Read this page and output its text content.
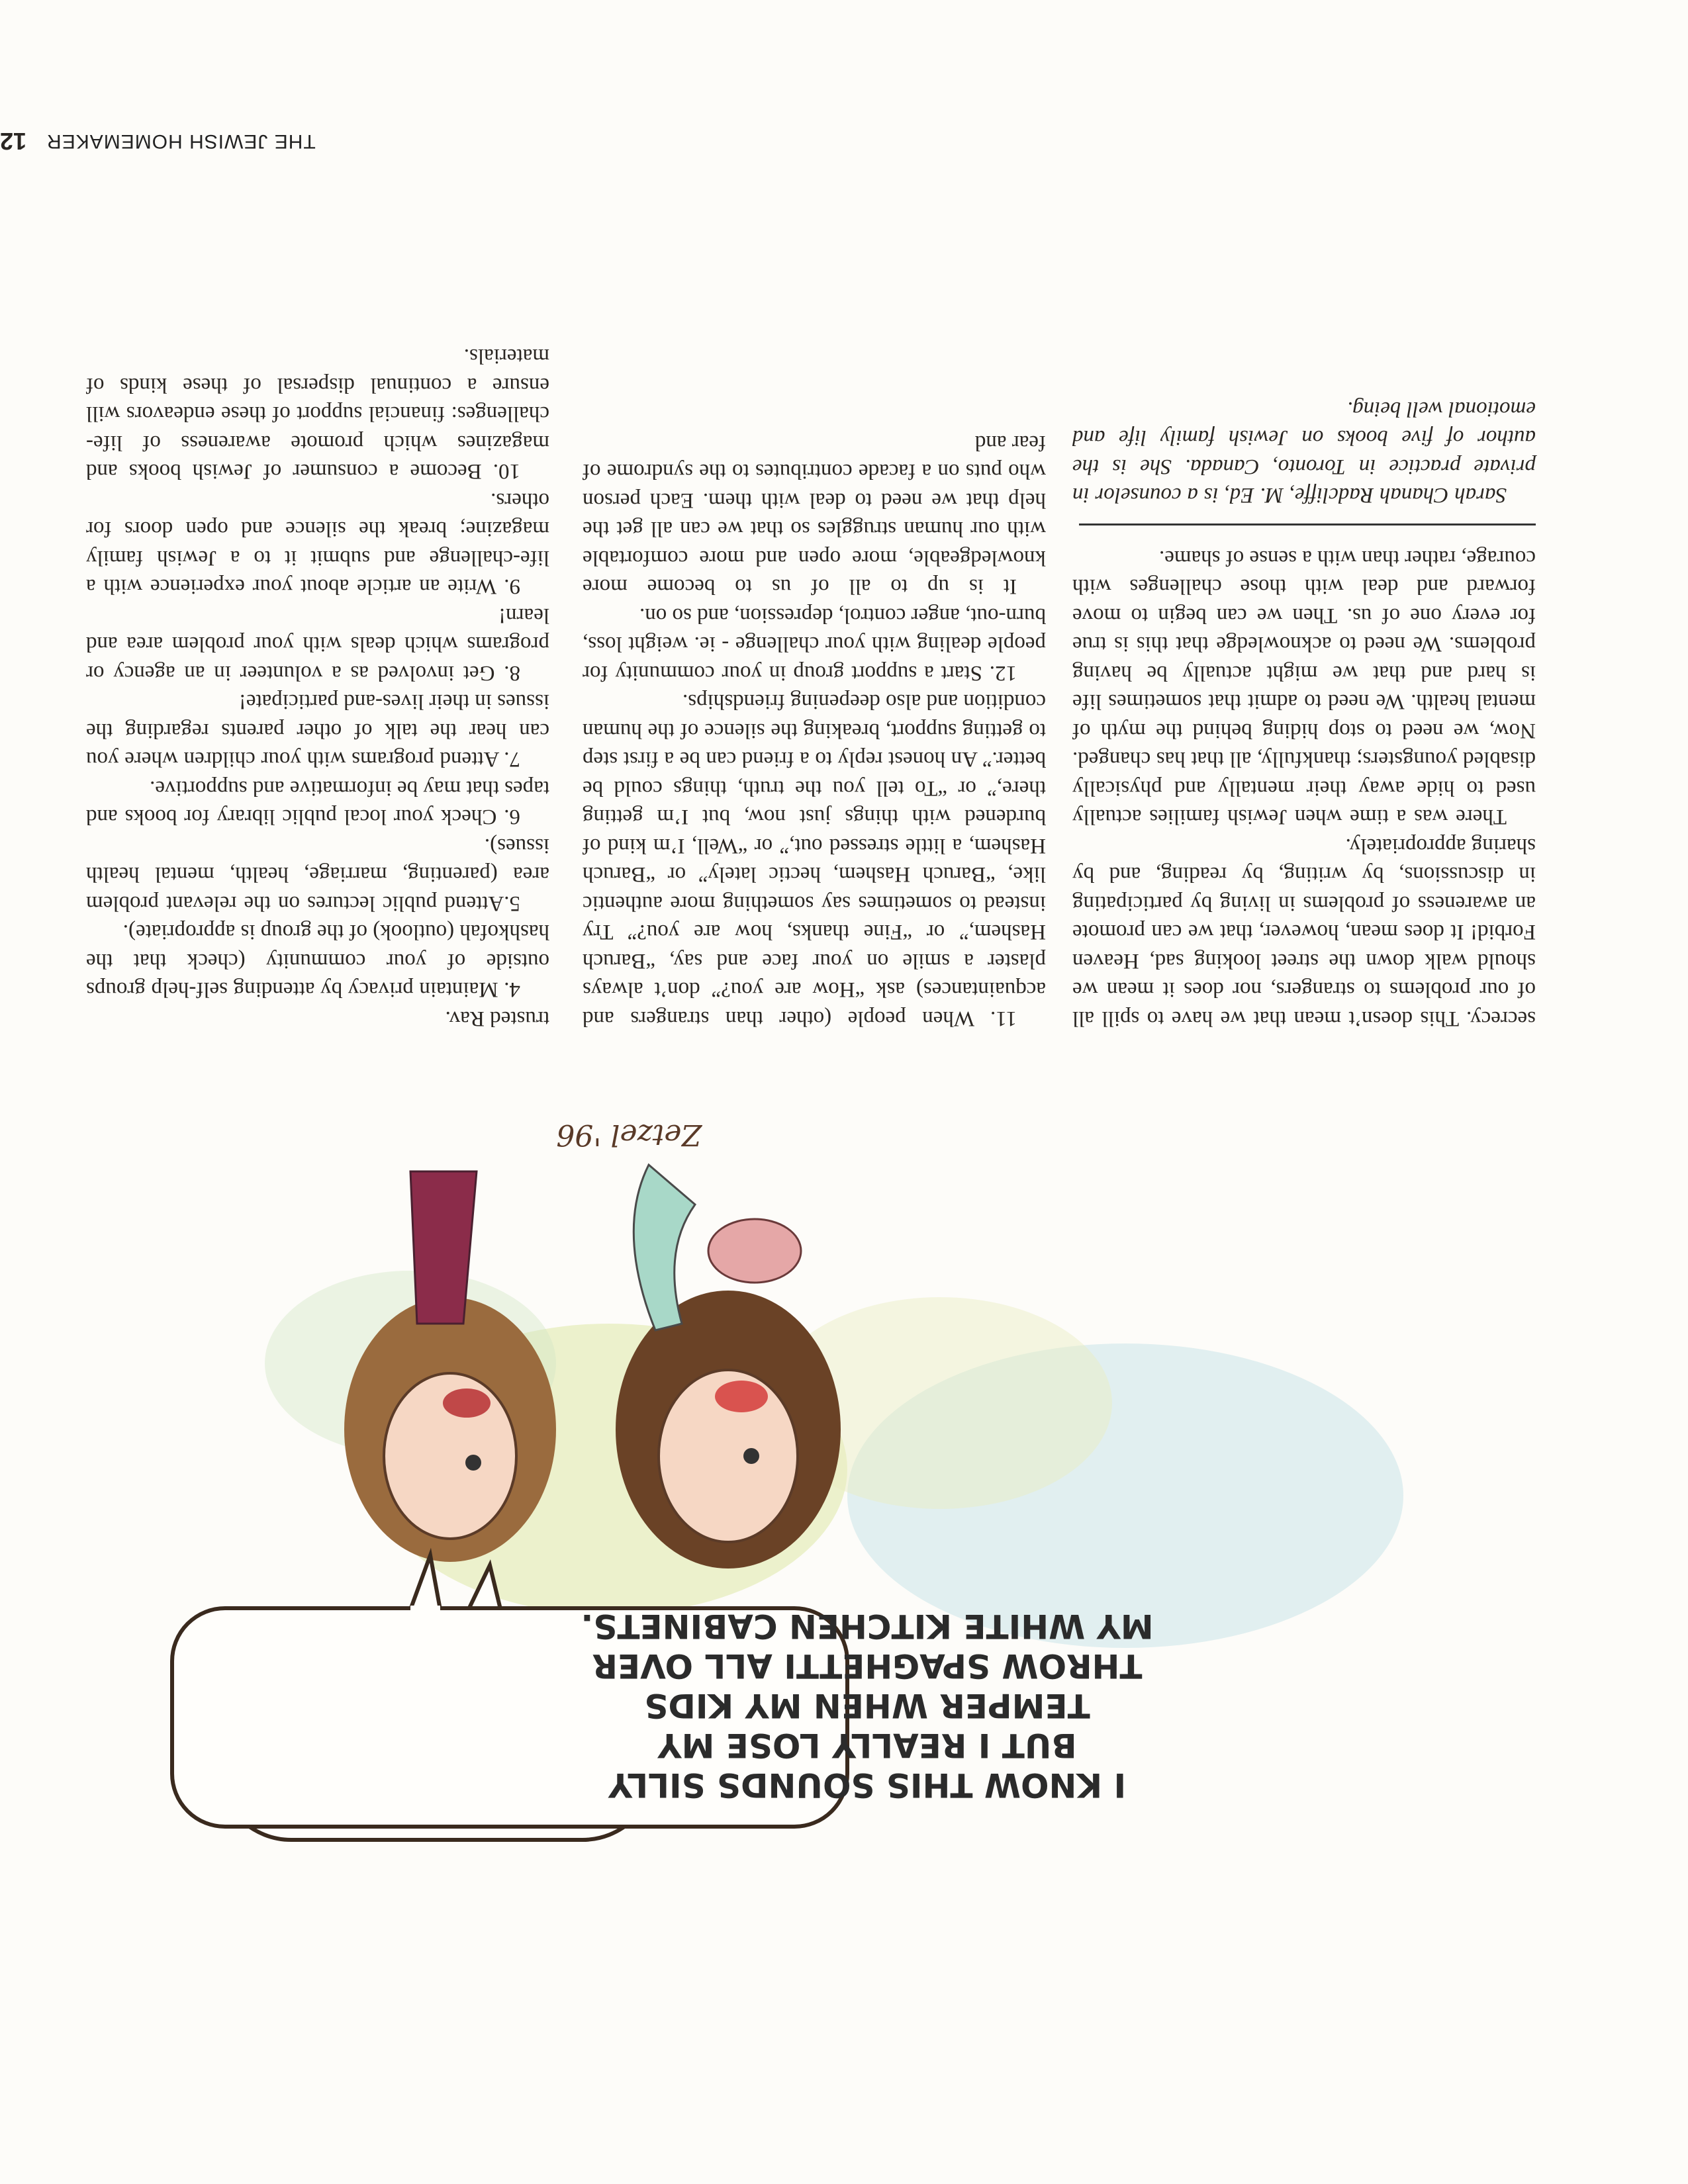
THE JEWISH HOMEMAKER
12
I KNOW THIS SOUNDS SILLY
BUT I REALLY LOSE MY
TEMPER WHEN MY KIDS
THROW SPAGHETTI ALL OVER
MY WHITE KITCHEN CABINETS.
Zetzel '96

trusted Rav.

4. Maintain privacy by attending self-help groups outside of your community (check that the hashkofah (outlook) of the group is appropriate).

5.Attend public lectures on the relevant problem area (parenting, marriage, health, mental health issues).

6. Check your local public library for books and tapes that may be informative and supportive.

7. Attend programs with your children where you can hear the talk of other parents regarding the issues in their lives-and participate!

8. Get involved as a volunteer in an agency or programs which deals with your problem area and learn!

9. Write an article about your experience with a life-challenge and submit it to a Jewish family magazine; break the silence and open doors for others.

10. Become a consumer of Jewish books and magazines which promote awareness of life-challenges: financial support of these endeavors will ensure a continual dispersal of these kinds of materials.

11. When people (other than strangers and acquaintances) ask “How are you?” don’t always plaster a smile on your face and say, “Baruch Hashem,” or “Fine thanks, how are you?” Try instead to sometimes say something more authentic like, “Baruch Hashem, hectic lately” or “Baruch Hashem, a little stressed out,” or “Well, I’m kind of burdened with things just now, but I’m getting there,” or “To tell you the truth, things could be better.” An honest reply to a friend can be a first step to getting support, breaking the silence of the human condition and also deepening friendships.

12. Start a support group in your community for people dealing with your challenge - ie. weight loss, burn-out, anger control, depression, and so on.

It is up to all of us to become more knowledgeable, more open and more comfortable with our human struggles so that we can all get the help that we need to deal with them. Each person who puts on a facade contributes to the syndrome of fear and

secrecy. This doesn’t mean that we have to spill all of our problems to strangers, nor does it mean we should walk down the street looking sad, Heaven Forbid! It does mean, however, that we can promote an awareness of problems in living by participating in discussions, by writing, by reading, and by sharing appropriately.

There was a time when Jewish families actually used to hide away their mentally and physically disabled youngsters; thankfully, all that has changed. Now, we need to stop hiding behind the myth of mental health. We need to admit that sometimes life is hard and that we might actually be having problems. We need to acknowledge that this is true for every one of us. Then we can begin to move forward and deal with those challenges with courage, rather than with a sense of shame.

Sarah Chanah Radcliffe, M. Ed, is a counselor in private practice in Toronto, Canada. She is the author of five books on Jewish family life and emotional well being.
